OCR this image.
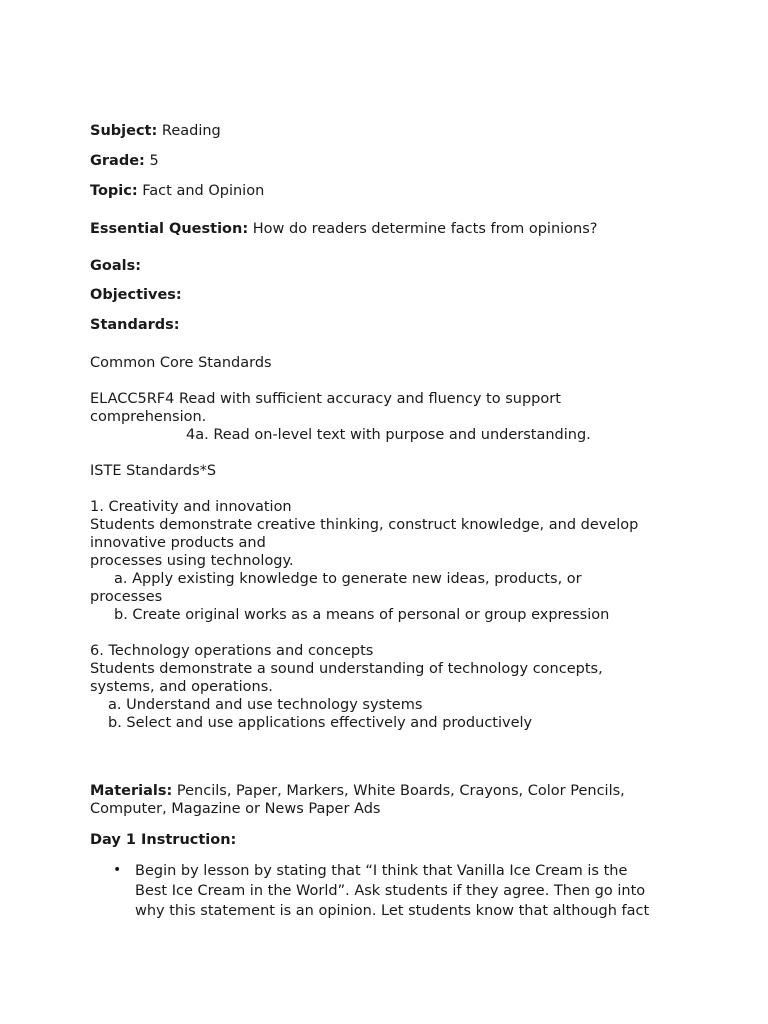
Subject: Reading
Grade: 5
Topic: Fact and Opinion
Essential Question: How do readers determine facts from opinions?
Goals:
Objectives:
Standards:
Common Core Standards
ELACC5RF4 Read with sufficient accuracy and fluency to support
comprehension.
4a. Read on-level text with purpose and understanding.
ISTE Standards*S
1. Creativity and innovation
Students demonstrate creative thinking, construct knowledge, and develop
innovative products and
processes using technology.
a. Apply existing knowledge to generate new ideas, products, or
processes
b. Create original works as a means of personal or group expression
6. Technology operations and concepts
Students demonstrate a sound understanding of technology concepts,
systems, and operations.
a. Understand and use technology systems
b. Select and use applications effectively and productively
Materials: Pencils, Paper, Markers, White Boards, Crayons, Color Pencils,
Computer, Magazine or News Paper Ads
Day 1 Instruction:
• Begin by lesson by stating that “I think that Vanilla Ice Cream is the
Best Ice Cream in the World”. Ask students if they agree. Then go into
why this statement is an opinion. Let students know that although fact
